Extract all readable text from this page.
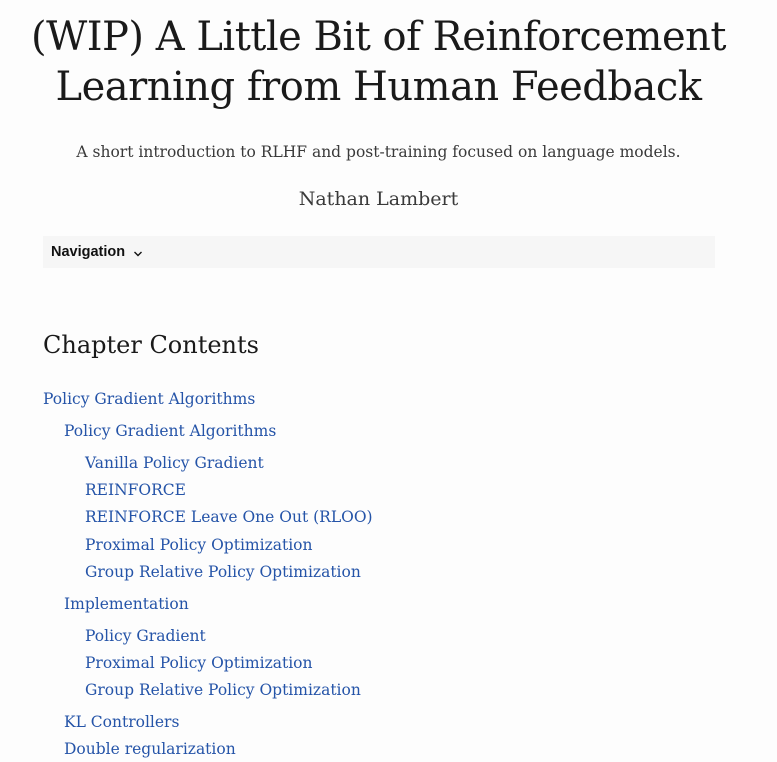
(WIP) A Little Bit of Reinforcement
Learning from Human Feedback

A short introduction to RLHF and post-training focused on language models.

Nathan Lambert

Navigation
Chapter Contents
Policy Gradient Algorithms
Policy Gradient Algorithms
Vanilla Policy Gradient
REINFORCE
REINFORCE Leave One Out (RLOO)
Proximal Policy Optimization
Group Relative Policy Optimization
Implementation
Policy Gradient
Proximal Policy Optimization
Group Relative Policy Optimization
KL Controllers
Double regularization
